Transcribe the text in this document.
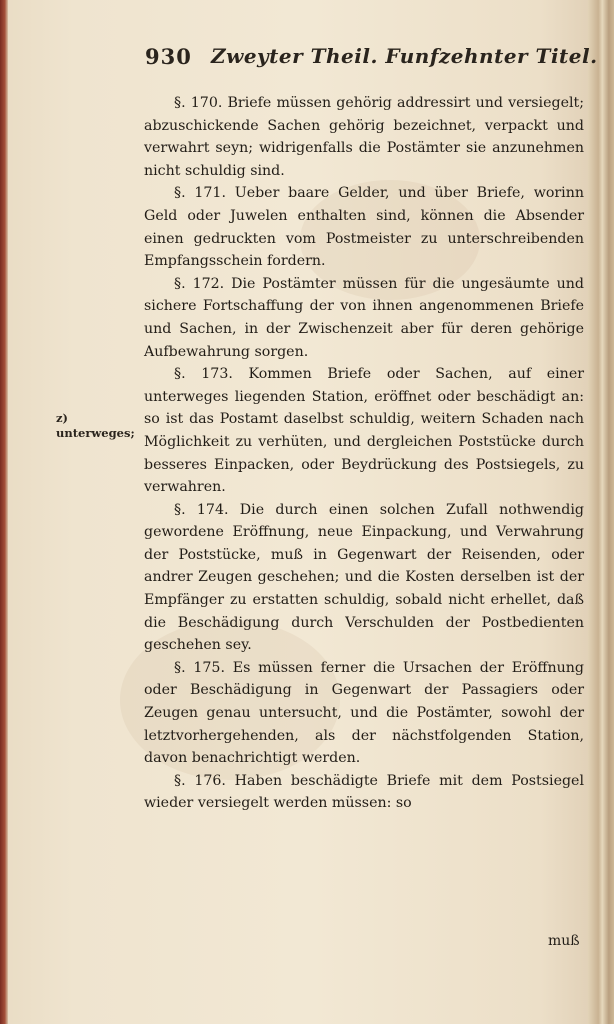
930 Zweyter Theil. Funfzehnter Titel.
z) unterweges;

§. 170. Briefe müssen gehörig addressirt und versiegelt; abzuschickende Sachen gehörig bezeichnet, verpackt und verwahrt seyn; widrigenfalls die Postämter sie anzunehmen nicht schuldig sind.

§. 171. Ueber baare Gelder, und über Briefe, worinn Geld oder Juwelen enthalten sind, können die Absender einen gedruckten vom Postmeister zu unterschreibenden Empfangsschein fordern.

§. 172. Die Postämter müssen für die ungesäumte und sichere Fortschaffung der von ihnen angenommenen Briefe und Sachen, in der Zwischenzeit aber für deren gehörige Aufbewahrung sorgen.

§. 173. Kommen Briefe oder Sachen, auf einer unterweges liegenden Station, eröffnet oder beschädigt an: so ist das Postamt daselbst schuldig, weitern Schaden nach Möglichkeit zu verhüten, und dergleichen Poststücke durch besseres Einpacken, oder Beydrückung des Postsiegels, zu verwahren.

§. 174. Die durch einen solchen Zufall nothwendig gewordene Eröffnung, neue Einpackung, und Verwahrung der Poststücke, muß in Gegenwart der Reisenden, oder andrer Zeugen geschehen; und die Kosten derselben ist der Empfänger zu erstatten schuldig, sobald nicht erhellet, daß die Beschädigung durch Verschulden der Postbedienten geschehen sey.

§. 175. Es müssen ferner die Ursachen der Eröffnung oder Beschädigung in Gegenwart der Passagiers oder Zeugen genau untersucht, und die Postämter, sowohl der letztvorhergehenden, als der nächstfolgenden Station, davon benachrichtigt werden.

§. 176. Haben beschädigte Briefe mit dem Postsiegel wieder versiegelt werden müssen: so

muß
